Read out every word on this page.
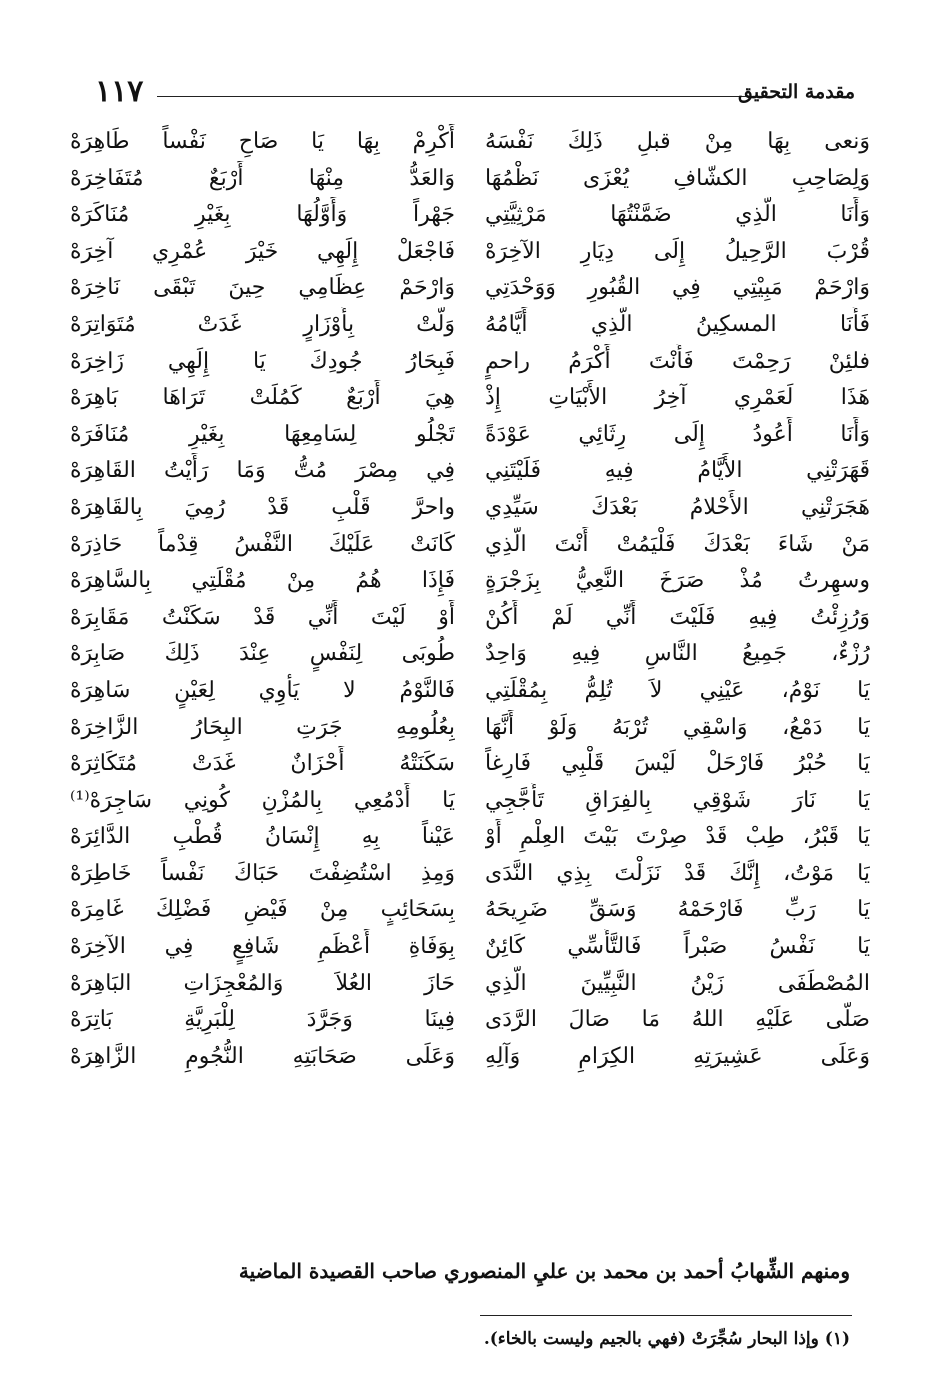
١١٧	مقدمة التحقيق
وَنعى بِهَا مِنْ قبلِ ذَلِكَ نَفْسَهُ
وَلِصَاحِبِ الكشّافِ يُعْزَى نَظْمُهَا
وَأَنَا الَّذِي ضَمَّنْتُهَا مَرْثِيَّتِي
قُرْبَ الرَّحِيلُ إِلَى دِيَارِ الآخِرَهْ
وَارْحَمْ مَبِيْتِي فِي القُبُورِ وَوَحْدَتِي
فَأَنَا المسكِينُ الَّذِي أَيَّامُهُ
فلئِنْ رَحِمْتَ فَأَنْتَ أَكْرَمُ راحمٍ
هَذَا لَعَمْرِي آخِرُ الأَبْيَاتِ إِذْ
وَأَنَا أَعُودُ إِلَى رِثَائِي عَوْدَةً
قَهَرَتْنِي الأَيَّامُ فِيهِ فَلَيْتَنِي
هَجَرَتْنِي الأَحْلامُ بَعْدَكَ سَيِّدِي
مَنْ شَاءَ بَعْدَكَ فَلْيَمُتْ أَنْتَ الَّذِي
وسهِرتُ مُذْ صَرَخَ النَّعِيُّ بِزَجْرَةٍ
وَرُزِئْتُ فِيهِ فَلَيْتَ أَنِّي لَمْ أَكُنْ
رُزْءٌ، جَمِيعُ النَّاسِ فِيهِ وَاحِدٌ
يَا نَوْمُ، عَيْنِي لاَ تُلِمُّ بِمُقْلَتِي
يَا دَمْعُ، وَاسْقِي تُرْبَهُ وَلَوْ أَنَّهَا
يَا حُبْرُ فَارْحَلْ لَيْسَ قَلْبِي فَارِغاً
يَا نَارَ شَوْقِي بِالفِرَاقِ تَأَجَّجِي
يَا قَبْرُ، طِبْ قَدْ صِرْتَ بَيْتَ العِلْمِ أَوْ
يَا مَوْتُ، إِنَّكَ قَدْ نَزَلْتَ بِذِي النَّدَى
يَا رَبِّ فَارْحَمْهُ وَسَقِّ ضَرِيحَهُ
يَا نَفْسُ صَبْراً فَالتَّأَسِّي كَائِنٌ
المُصْطَفَى زَيْنُ النَّبِيِّينَ الَّذِي
صَلَّى عَلَيْهِ اللهُ مَا صَالَ الرَّدَى
وَعَلَى عَشِيرَتِهِ الكِرَامِ وَآلِهِ
أَكْرِمْ بِهَا يَا صَاحِ نَفْساً طَاهِرَهْ
وَالعَدُّ مِنْهَا أَرْبَعٌ مُتَفَاخِرَهْ
جَهْراً وَأَوَّلُهَا بِغَيْرِ مُنَاكَرَهْ
فَاجْعَلْ إِلَهِي خَيْرَ عُمْرِي آخِرَهْ
وَارْحَمْ عِظَامِي حِينَ تَبْقَى نَاخِرَهْ
وَلَّتْ بِأَوْزَارٍ غَدَتْ مُتَوَاتِرَهْ
فَبِحَارُ جُودِكَ يَا إِلَهِي زَاخِرَهْ
هِيَ أَرْبَعٌ كَمُلَتْ تَرَاهَا بَاهِرَهْ
تَجْلُو لِسَامِعِهَا بِغَيْرِ مُنَافَرَهْ
فِي مِصْرَ مُتُّ وَمَا رَأَيْتُ القَاهِرَهْ
واحرَّ قَلْبِ قَدْ رُمِيَ بِالقَاهِرَهْ
كَانَتْ عَلَيْكَ النَّفْسُ قِدْماً حَاذِرَهْ
فَإِذَا هُمُ مِنْ مُقْلَتِي بِالسَّاهِرَهْ
أَوْ لَيْتَ أَنِّي قَدْ سَكَنْتُ مَقَابِرَهْ
طُوبَى لِنَفْسٍ عِنْدَ ذَلِكَ صَابِرَهْ
فَالنَّوْمُ لا يَأْوِي لِعَيْنٍ سَاهِرَهْ
بِعُلُومِهِ جَرَتِ البِحَارُ الزَّاخِرَهْ
سَكَنَتْهُ أَحْزَانٌ غَدَتْ مُتَكَاثِرَهْ
يَا أَدْمُعِي بِالمُزْنِ كُونِي سَاجِرَهْ⁽¹⁾
عَيْناً بِهِ إِنْسَانُ قُطْبِ الدَّائِرَهْ
وَمِذِ اسْتُضِفْتَ حَبَاكَ نَفْساً خَاطِرَهْ
بِسَحَائِبٍ مِنْ فَيْضِ فَضْلِكَ غَامِرَهْ
بِوَفَاةِ أَعْظَمِ شَافِعٍ فِي الآخِرَهْ
حَازَ العُلاَ وَالمُعْجِزَاتِ البَاهِرَهْ
فِينَا وَجَرَّدَ لِلْبَرِيَّةِ بَاتِرَهْ
وَعَلَى صَحَابَتِهِ النُّجُومِ الزَّاهِرَهْ
ومنهم الشِّهابُ أحمد بن محمد بن عليِ المنصوري صاحب القصيدة الماضية
(١) وإذا البحار سُجِّرَتْ (فهي بالجيم وليست بالخاء).
